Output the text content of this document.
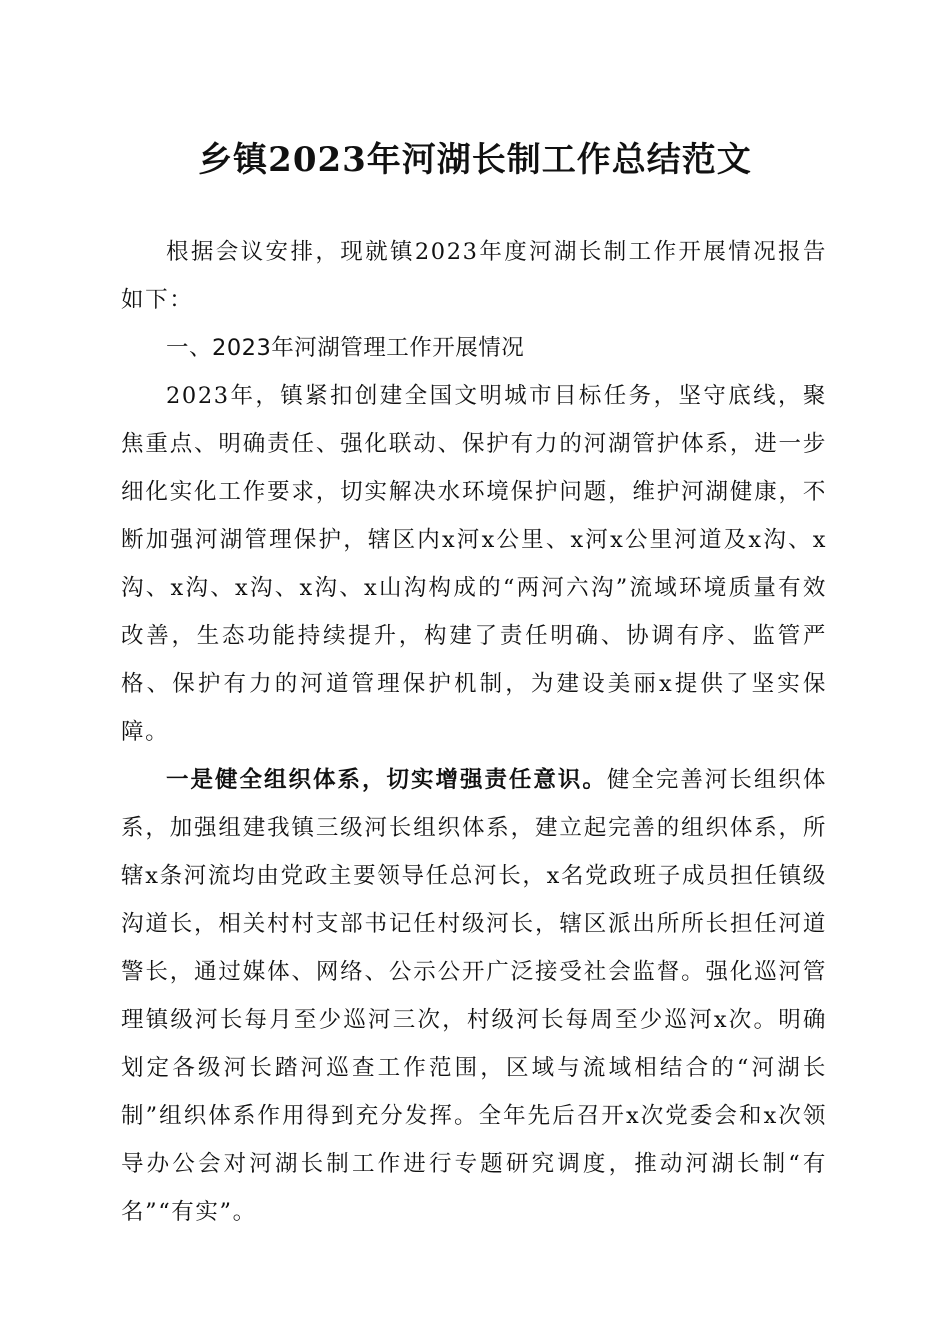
乡镇2023年河湖长制工作总结范文

根据会议安排，现就镇2023年度河湖长制工作开展情况报告如下：

一、2023年河湖管理工作开展情况

2023年，镇紧扣创建全国文明城市目标任务，坚守底线，聚焦重点、明确责任、强化联动、保护有力的河湖管护体系，进一步细化实化工作要求，切实解决水环境保护问题，维护河湖健康，不断加强河湖管理保护，辖区内x河x公里、x河x公里河道及x沟、x沟、x沟、x沟、x沟、x山沟构成的“两河六沟”流域环境质量有效改善，生态功能持续提升，构建了责任明确、协调有序、监管严格、保护有力的河道管理保护机制，为建设美丽x提供了坚实保障。

一是健全组织体系，切实增强责任意识。健全完善河长组织体系，加强组建我镇三级河长组织体系，建立起完善的组织体系，所辖x条河流均由党政主要领导任总河长，x名党政班子成员担任镇级沟道长，相关村村支部书记任村级河长，辖区派出所所长担任河道警长，通过媒体、网络、公示公开广泛接受社会监督。强化巡河管理镇级河长每月至少巡河三次，村级河长每周至少巡河x次。明确划定各级河长踏河巡查工作范围，区域与流域相结合的“河湖长制”组织体系作用得到充分发挥。全年先后召开x次党委会和x次领导办公会对河湖长制工作进行专题研究调度，推动河湖长制“有名”“有实”。
